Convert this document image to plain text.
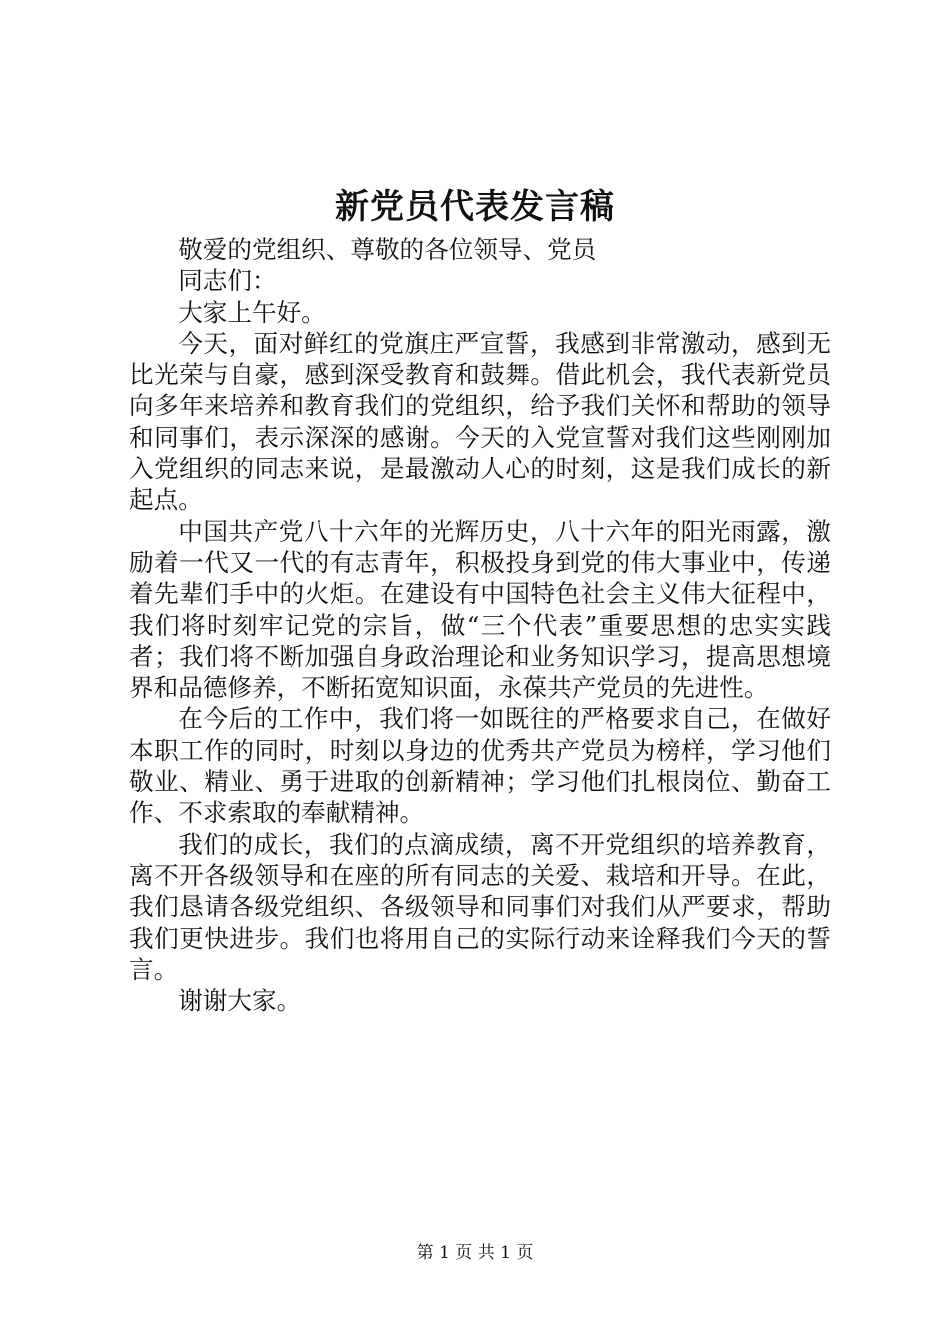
新党员代表发言稿

敬爱的党组织、尊敬的各位领导、党员

同志们：

大家上午好。

今天，面对鲜红的党旗庄严宣誓，我感到非常激动，感到无比光荣与自豪，感到深受教育和鼓舞。借此机会，我代表新党员向多年来培养和教育我们的党组织，给予我们关怀和帮助的领导和同事们，表示深深的感谢。今天的入党宣誓对我们这些刚刚加入党组织的同志来说，是最激动人心的时刻，这是我们成长的新起点。

中国共产党八十六年的光辉历史，八十六年的阳光雨露，激励着一代又一代的有志青年，积极投身到党的伟大事业中，传递着先辈们手中的火炬。在建设有中国特色社会主义伟大征程中，我们将时刻牢记党的宗旨，做“三个代表”重要思想的忠实实践者；我们将不断加强自身政治理论和业务知识学习，提高思想境界和品德修养，不断拓宽知识面，永葆共产党员的先进性。

在今后的工作中，我们将一如既往的严格要求自己，在做好本职工作的同时，时刻以身边的优秀共产党员为榜样，学习他们敬业、精业、勇于进取的创新精神；学习他们扎根岗位、勤奋工作、不求索取的奉献精神。

我们的成长，我们的点滴成绩，离不开党组织的培养教育，离不开各级领导和在座的所有同志的关爱、栽培和开导。在此，我们恳请各级党组织、各级领导和同事们对我们从严要求，帮助我们更快进步。我们也将用自己的实际行动来诠释我们今天的誓言。

谢谢大家。

第 1 页 共 1 页
